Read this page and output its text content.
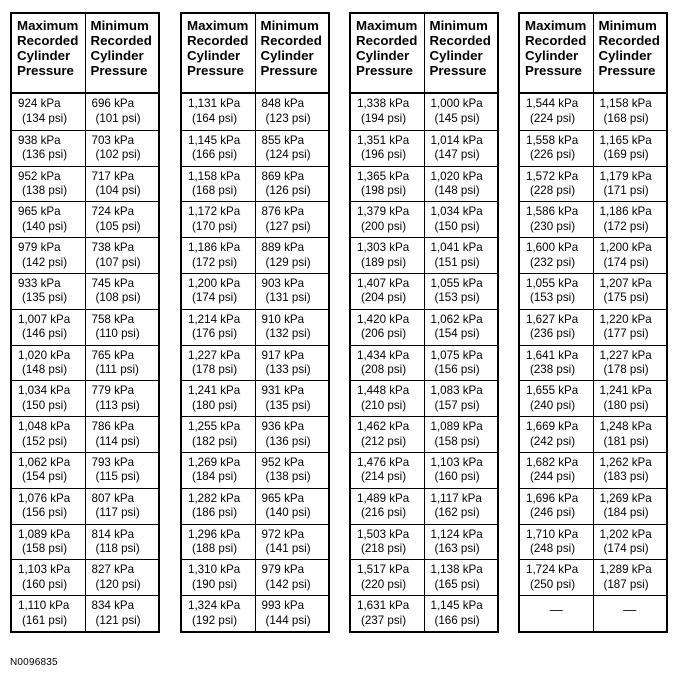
Maximum
Recorded
Cylinder
Pressure
Minimum
Recorded
Cylinder
Pressure
924 kPa
(134 psi)
696 kPa
(101 psi)
938 kPa
(136 psi)
703 kPa
(102 psi)
952 kPa
(138 psi)
717 kPa
(104 psi)
965 kPa
(140 psi)
724 kPa
(105 psi)
979 kPa
(142 psi)
738 kPa
(107 psi)
933 kPa
(135 psi)
745 kPa
(108 psi)
1,007 kPa
(146 psi)
758 kPa
(110 psi)
1,020 kPa
(148 psi)
765 kPa
(111 psi)
1,034 kPa
(150 psi)
779 kPa
(113 psi)
1,048 kPa
(152 psi)
786 kPa
(114 psi)
1,062 kPa
(154 psi)
793 kPa
(115 psi)
1,076 kPa
(156 psi)
807 kPa
(117 psi)
1,089 kPa
(158 psi)
814 kPa
(118 psi)
1,103 kPa
(160 psi)
827 kPa
(120 psi)
1,110 kPa
(161 psi)
834 kPa
(121 psi)
Maximum
Recorded
Cylinder
Pressure
Minimum
Recorded
Cylinder
Pressure
1,131 kPa
(164 psi)
848 kPa
(123 psi)
1,145 kPa
(166 psi)
855 kPa
(124 psi)
1,158 kPa
(168 psi)
869 kPa
(126 psi)
1,172 kPa
(170 psi)
876 kPa
(127 psi)
1,186 kPa
(172 psi)
889 kPa
(129 psi)
1,200 kPa
(174 psi)
903 kPa
(131 psi)
1,214 kPa
(176 psi)
910 kPa
(132 psi)
1,227 kPa
(178 psi)
917 kPa
(133 psi)
1,241 kPa
(180 psi)
931 kPa
(135 psi)
1,255 kPa
(182 psi)
936 kPa
(136 psi)
1,269 kPa
(184 psi)
952 kPa
(138 psi)
1,282 kPa
(186 psi)
965 kPa
(140 psi)
1,296 kPa
(188 psi)
972 kPa
(141 psi)
1,310 kPa
(190 psi)
979 kPa
(142 psi)
1,324 kPa
(192 psi)
993 kPa
(144 psi)
Maximum
Recorded
Cylinder
Pressure
Minimum
Recorded
Cylinder
Pressure
1,338 kPa
(194 psi)
1,000 kPa
(145 psi)
1,351 kPa
(196 psi)
1,014 kPa
(147 psi)
1,365 kPa
(198 psi)
1,020 kPa
(148 psi)
1,379 kPa
(200 psi)
1,034 kPa
(150 psi)
1,303 kPa
(189 psi)
1,041 kPa
(151 psi)
1,407 kPa
(204 psi)
1,055 kPa
(153 psi)
1,420 kPa
(206 psi)
1,062 kPa
(154 psi)
1,434 kPa
(208 psi)
1,075 kPa
(156 psi)
1,448 kPa
(210 psi)
1,083 kPa
(157 psi)
1,462 kPa
(212 psi)
1,089 kPa
(158 psi)
1,476 kPa
(214 psi)
1,103 kPa
(160 psi)
1,489 kPa
(216 psi)
1,117 kPa
(162 psi)
1,503 kPa
(218 psi)
1,124 kPa
(163 psi)
1,517 kPa
(220 psi)
1,138 kPa
(165 psi)
1,631 kPa
(237 psi)
1,145 kPa
(166 psi)
Maximum
Recorded
Cylinder
Pressure
Minimum
Recorded
Cylinder
Pressure
1,544 kPa
(224 psi)
1,158 kPa
(168 psi)
1,558 kPa
(226 psi)
1,165 kPa
(169 psi)
1,572 kPa
(228 psi)
1,179 kPa
(171 psi)
1,586 kPa
(230 psi)
1,186 kPa
(172 psi)
1,600 kPa
(232 psi)
1,200 kPa
(174 psi)
1,055 kPa
(153 psi)
1,207 kPa
(175 psi)
1,627 kPa
(236 psi)
1,220 kPa
(177 psi)
1,641 kPa
(238 psi)
1,227 kPa
(178 psi)
1,655 kPa
(240 psi)
1,241 kPa
(180 psi)
1,669 kPa
(242 psi)
1,248 kPa
(181 psi)
1,682 kPa
(244 psi)
1,262 kPa
(183 psi)
1,696 kPa
(246 psi)
1,269 kPa
(184 psi)
1,710 kPa
(248 psi)
1,202 kPa
(174 psi)
1,724 kPa
(250 psi)
1,289 kPa
(187 psi)
—	—
N0096835
